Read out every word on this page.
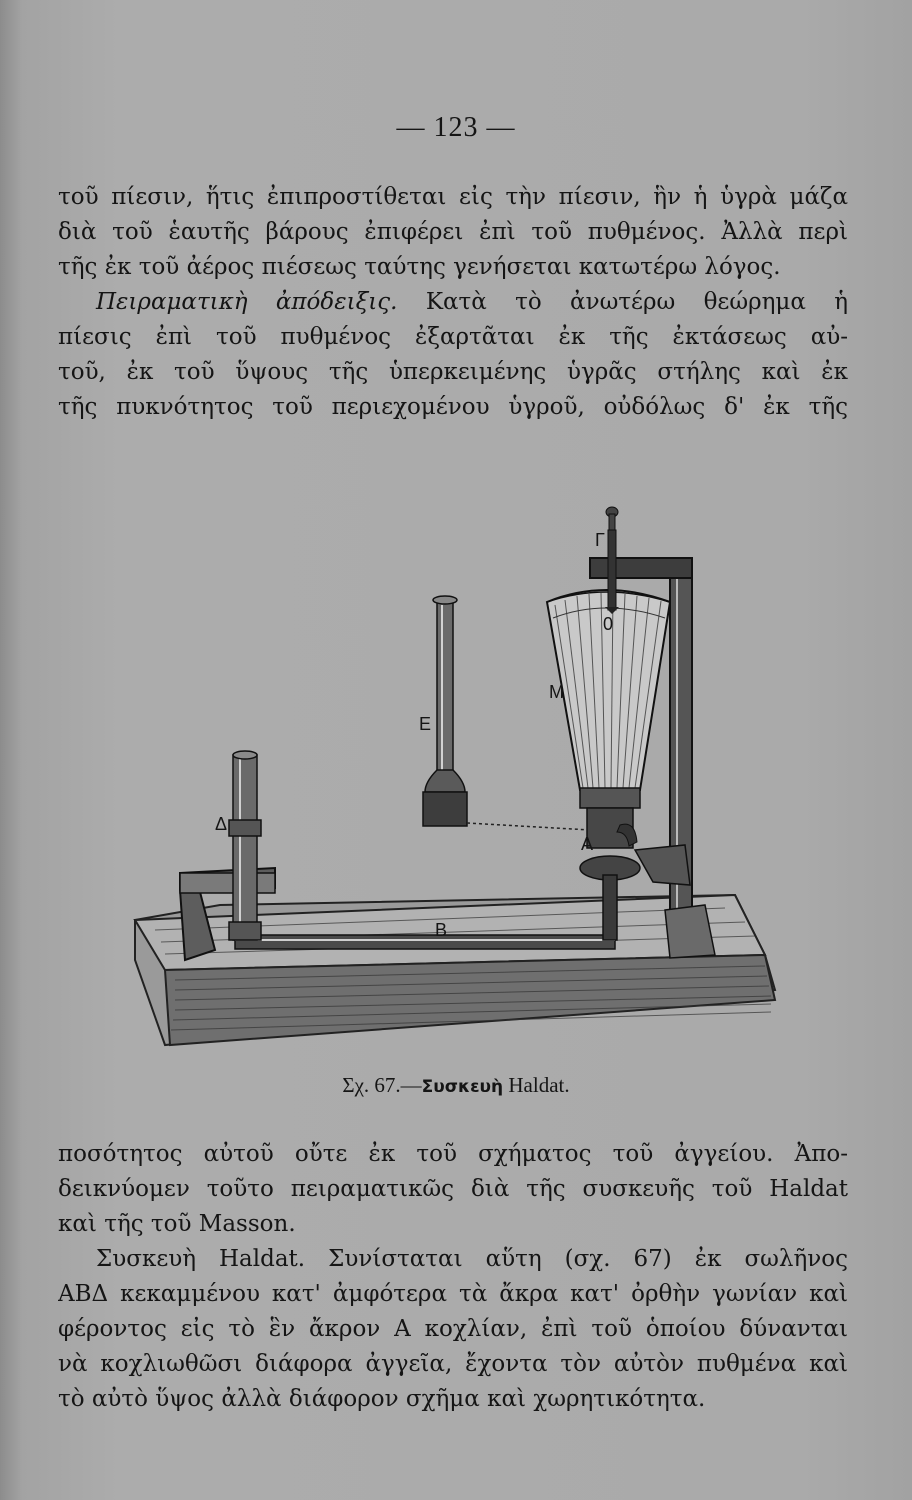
— 123 —
τοῦ πίεσιν, ἥτις ἐπιπροστίθεται εἰς τὴν πίεσιν, ἣν ἡ ὑγρὰ μάζα
διὰ τοῦ ἑαυτῆς βάρους ἐπιφέρει ἐπὶ τοῦ πυθμένος. Ἀλλὰ περὶ
τῆς ἐκ τοῦ ἀέρος πιέσεως ταύτης γενήσεται κατωτέρω λόγος.
Πειραματικὴ ἀπόδειξις. Κατὰ τὸ ἀνωτέρω θεώρημα ἡ
πίεσις ἐπὶ τοῦ πυθμένος ἐξαρτᾶται ἐκ τῆς ἐκτάσεως αὐ-
τοῦ, ἐκ τοῦ ὕψους τῆς ὑπερκειμένης ὑγρᾶς στήλης καὶ ἐκ
τῆς πυκνότητος τοῦ περιεχομένου ὑγροῦ, οὐδόλως δ' ἐκ τῆς
Γ
0
M
E
Δ
A
B
Σχ. 67.—Συσκευὴ Haldat.
ποσότητος αὐτοῦ οὔτε ἐκ τοῦ σχήματος τοῦ ἀγγείου. Ἀπο-
δεικνύομεν τοῦτο πειραματικῶς διὰ τῆς συσκευῆς τοῦ Haldat
καὶ τῆς τοῦ Masson.
Συσκευὴ Haldat. Συνίσταται αὕτη (σχ. 67) ἐκ σωλῆνος
ΑΒΔ κεκαμμένου κατ' ἀμφότερα τὰ ἄκρα κατ' ὀρθὴν γωνίαν καὶ
φέροντος εἰς τὸ ἓν ἄκρον Α κοχλίαν, ἐπὶ τοῦ ὁποίου δύνανται
νὰ κοχλιωθῶσι διάφορα ἀγγεῖα, ἔχοντα τὸν αὐτὸν πυθμένα καὶ
τὸ αὐτὸ ὕψος ἀλλὰ διάφορον σχῆμα καὶ χωρητικότητα.
